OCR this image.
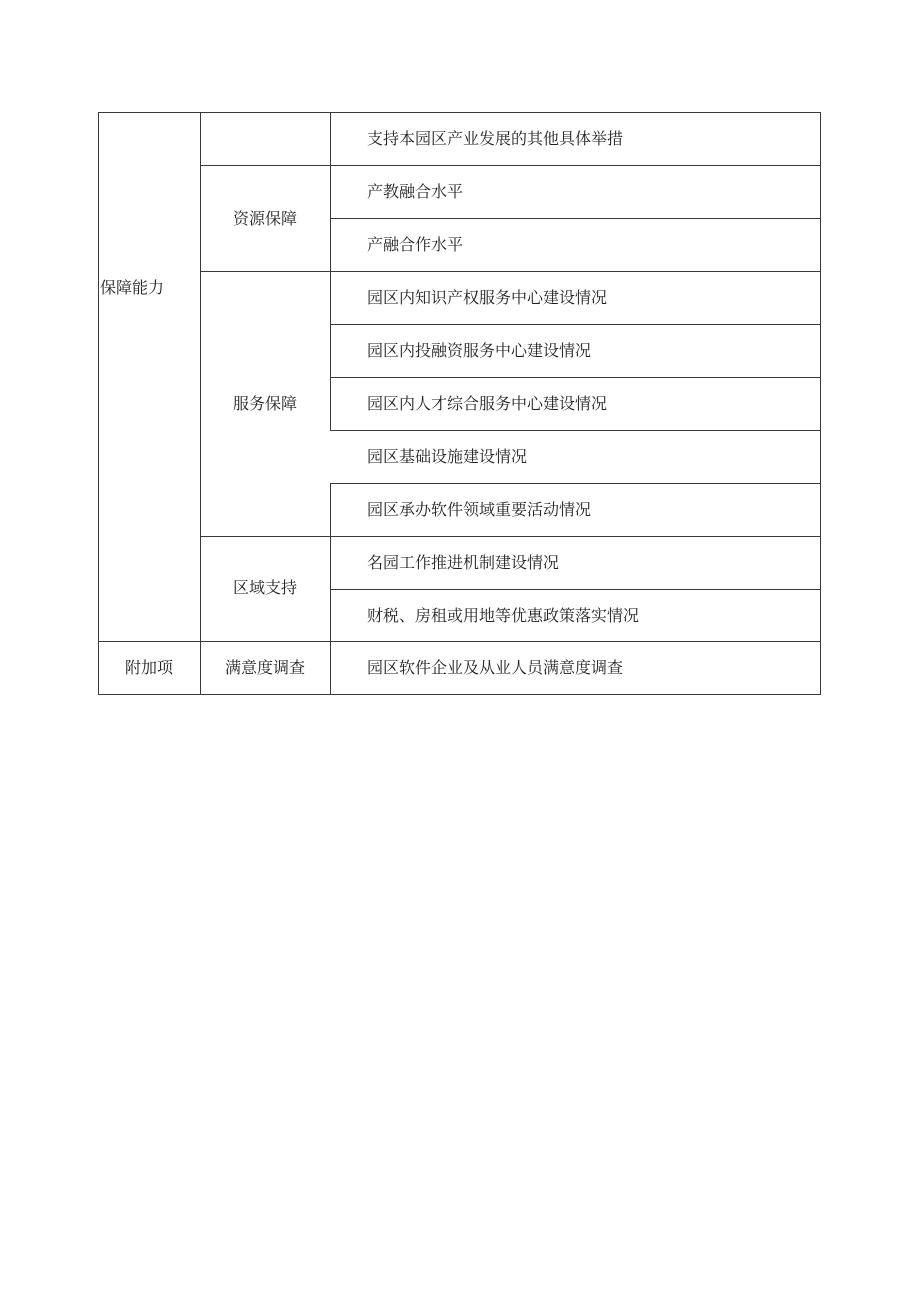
保障能力
附加项
资源保障
服务保障
区域支持
满意度调查
支持本园区产业发展的其他具体举措
产教融合水平
产融合作水平
园区内知识产权服务中心建设情况
园区内投融资服务中心建设情况
园区内人才综合服务中心建设情况
园区基础设施建设情况
园区承办软件领域重要活动情况
名园工作推进机制建设情况
财税、房租或用地等优惠政策落实情况
园区软件企业及从业人员满意度调查
